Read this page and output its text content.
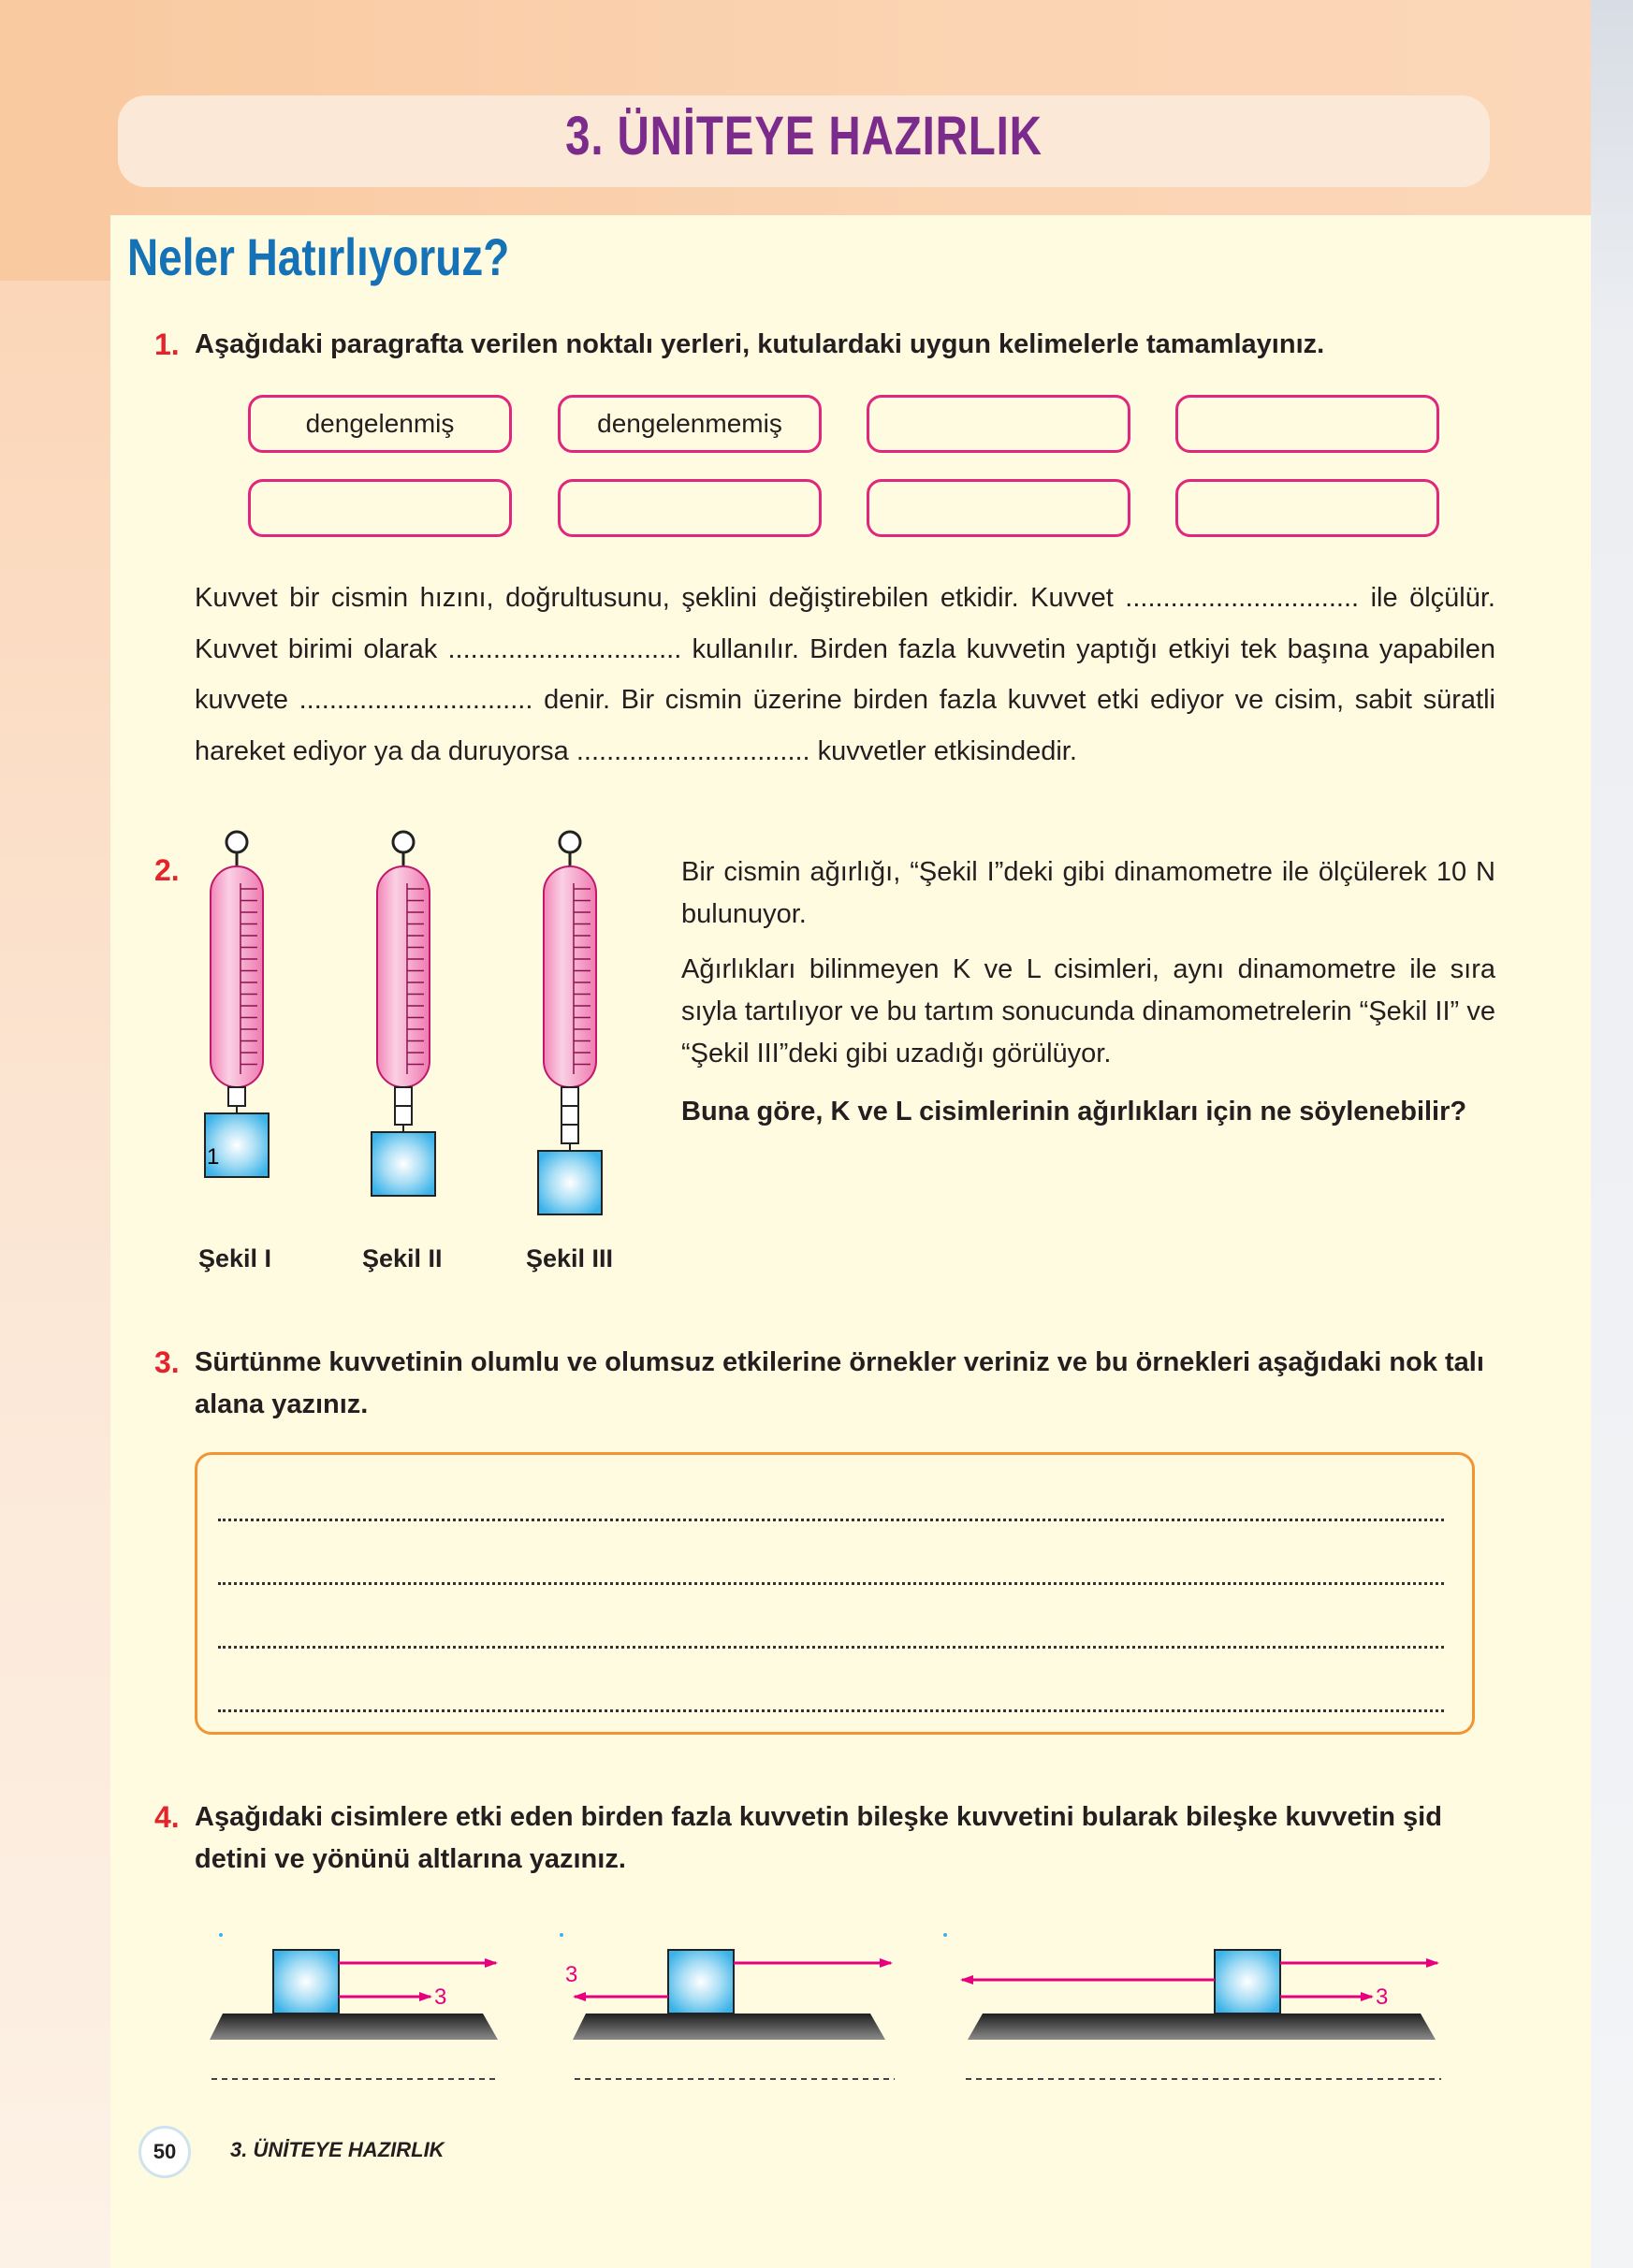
3. ÜNİTEYE HAZIRLIK
Neler Hatırlıyoruz?
1. Aşağıdaki paragrafta verilen noktalı yerleri, kutulardaki uygun kelimelerle tamamlayınız.
dengelenmiş	dengelenmemiş
Kuvvet bir cismin hızını, doğrultusunu, şeklini değiştirebilen etkidir. Kuvvet ............................... ile ölçülür. Kuvvet birimi olarak ............................... kullanılır. Birden fazla kuvvetin yaptığı etkiyi tek başına yapabilen kuvvete ............................... denir. Bir cismin üzerine birden fazla kuvvet etki ediyor ve cisim, sabit süratli hareket ediyor ya da duruyorsa ............................... kuvvetler etkisindedir.
2.
1
Şekil I	Şekil II	Şekil III
Bir cismin ağırlığı, “Şekil I”deki gibi dinamometre ile ölçülerek 10 N bulunuyor.
Ağırlıkları bilinmeyen K ve L cisimleri, aynı dinamometre ile sıra sıyla tartılıyor ve bu tartım sonucunda dinamometrelerin “Şekil II” ve “Şekil III”deki gibi uzadığı görülüyor.
Buna göre, K ve L cisimlerinin ağırlıkları için ne söylenebilir?
3. Sürtünme kuvvetinin olumlu ve olumsuz etkilerine örnekler veriniz ve bu örnekleri aşağıdaki nok talı alana yazınız.
4. Aşağıdaki cisimlere etki eden birden fazla kuvvetin bileşke kuvvetini bularak bileşke kuvvetin şid detini ve yönünü altlarına yazınız.
3
3
3
50	3. ÜNİTEYE HAZIRLIK
